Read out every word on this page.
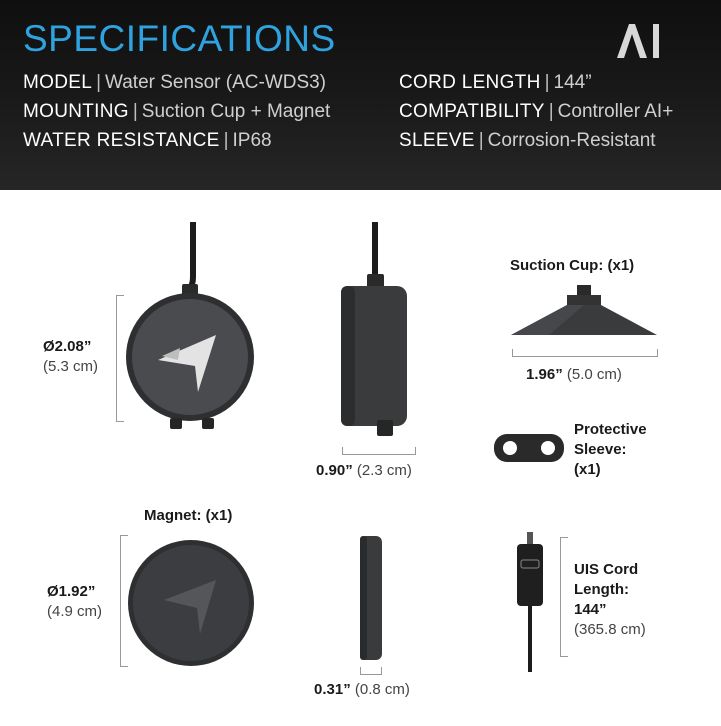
SPECIFICATIONS
MODEL | Water Sensor (AC-WDS3)
MOUNTING | Suction Cup + Magnet
WATER RESISTANCE | IP68
CORD LENGTH | 144”
COMPATIBILITY | Controller AI+
SLEEVE | Corrosion-Resistant
Ø2.08”
(5.3 cm)
0.90” (2.3 cm)
Suction Cup: (x1)
1.96” (5.0 cm)
Protective
Sleeve:
(x1)
Magnet: (x1)
Ø1.92”
(4.9 cm)
0.31” (0.8 cm)
UIS Cord
Length:
144”
(365.8 cm)
